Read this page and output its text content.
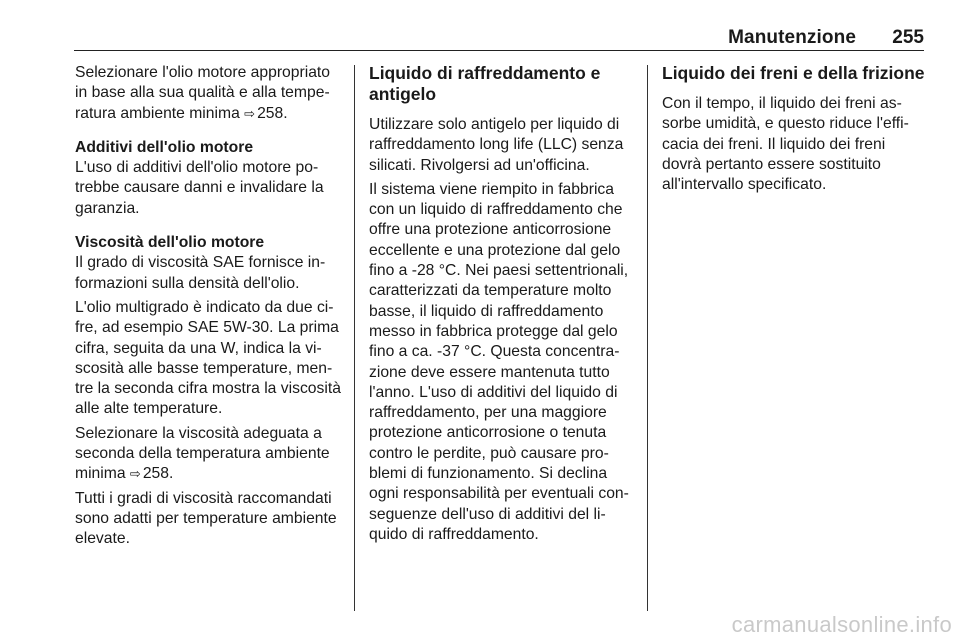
Manutenzione 255

Selezionare l'olio motore appropriato in base alla sua qualità e alla temperatura ambiente minima ⇨ 258.

Additivi dell'olio motore

L'uso di additivi dell'olio motore potrebbe causare danni e invalidare la garanzia.

Viscosità dell'olio motore

Il grado di viscosità SAE fornisce informazioni sulla densità dell'olio.

L'olio multigrado è indicato da due cifre, ad esempio SAE 5W-30. La prima cifra, seguita da una W, indica la viscosità alle basse temperature, mentre la seconda cifra mostra la viscosità alle alte temperature.

Selezionare la viscosità adeguata a seconda della temperatura ambiente minima ⇨ 258.

Tutti i gradi di viscosità raccomandati sono adatti per temperature ambiente elevate.

Liquido di raffreddamento e antigelo

Utilizzare solo antigelo per liquido di raffreddamento long life (LLC) senza silicati. Rivolgersi ad un'officina.

Il sistema viene riempito in fabbrica con un liquido di raffreddamento che offre una protezione anticorrosione eccellente e una protezione dal gelo fino a -28 °C. Nei paesi settentrionali, caratterizzati da temperature molto basse, il liquido di raffreddamento messo in fabbrica protegge dal gelo fino a ca. -37 °C. Questa concentrazione deve essere mantenuta tutto l'anno. L'uso di additivi del liquido di raffreddamento, per una maggiore protezione anticorrosione o tenuta contro le perdite, può causare problemi di funzionamento. Si declina ogni responsabilità per eventuali conseguenze dell'uso di additivi del liquido di raffreddamento.

Liquido dei freni e della frizione

Con il tempo, il liquido dei freni assorbe umidità, e questo riduce l'efficacia dei freni. Il liquido dei freni dovrà pertanto essere sostituito all'intervallo specificato.

carmanualsonline.info
